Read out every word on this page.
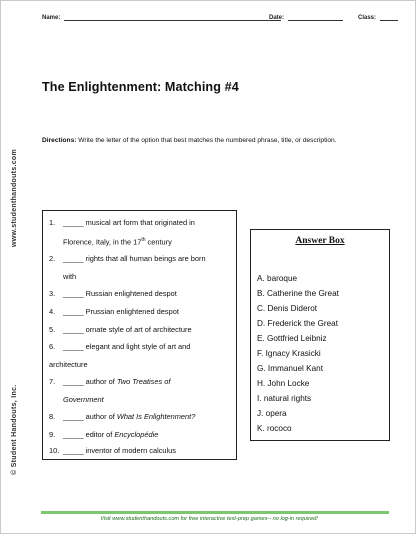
Name:	Date:	Class:
The Enlightenment: Matching #4
www.studenthandouts.com
© Student Handouts, Inc.
Directions: Write the letter of the option that best matches the numbered phrase, title, or description.
1. _____ musical art form that originated in

Florence, Italy, in the 17th century
2. _____ rights that all human beings are born

with
3. _____ Russian enlightened despot
4. _____ Prussian enlightened despot
5. _____ ornate style of art of architecture
6. _____ elegant and light style of art and

architecture
7. _____ author of Two Treatises of

Government
8. _____ author of What Is Enlightenment?
9. _____ editor of Encyclopédie
10. _____ inventor of modern calculus
Answer Box
A. baroque
B. Catherine the Great
C. Denis Diderot
D. Frederick the Great
E. Gottfried Leibniz
F. Ignacy Krasicki
G. Immanuel Kant
H. John Locke
I. natural rights
J. opera
K. rococo
Visit www.studenthandouts.com for free interactive test-prep games-- no log-in required!
